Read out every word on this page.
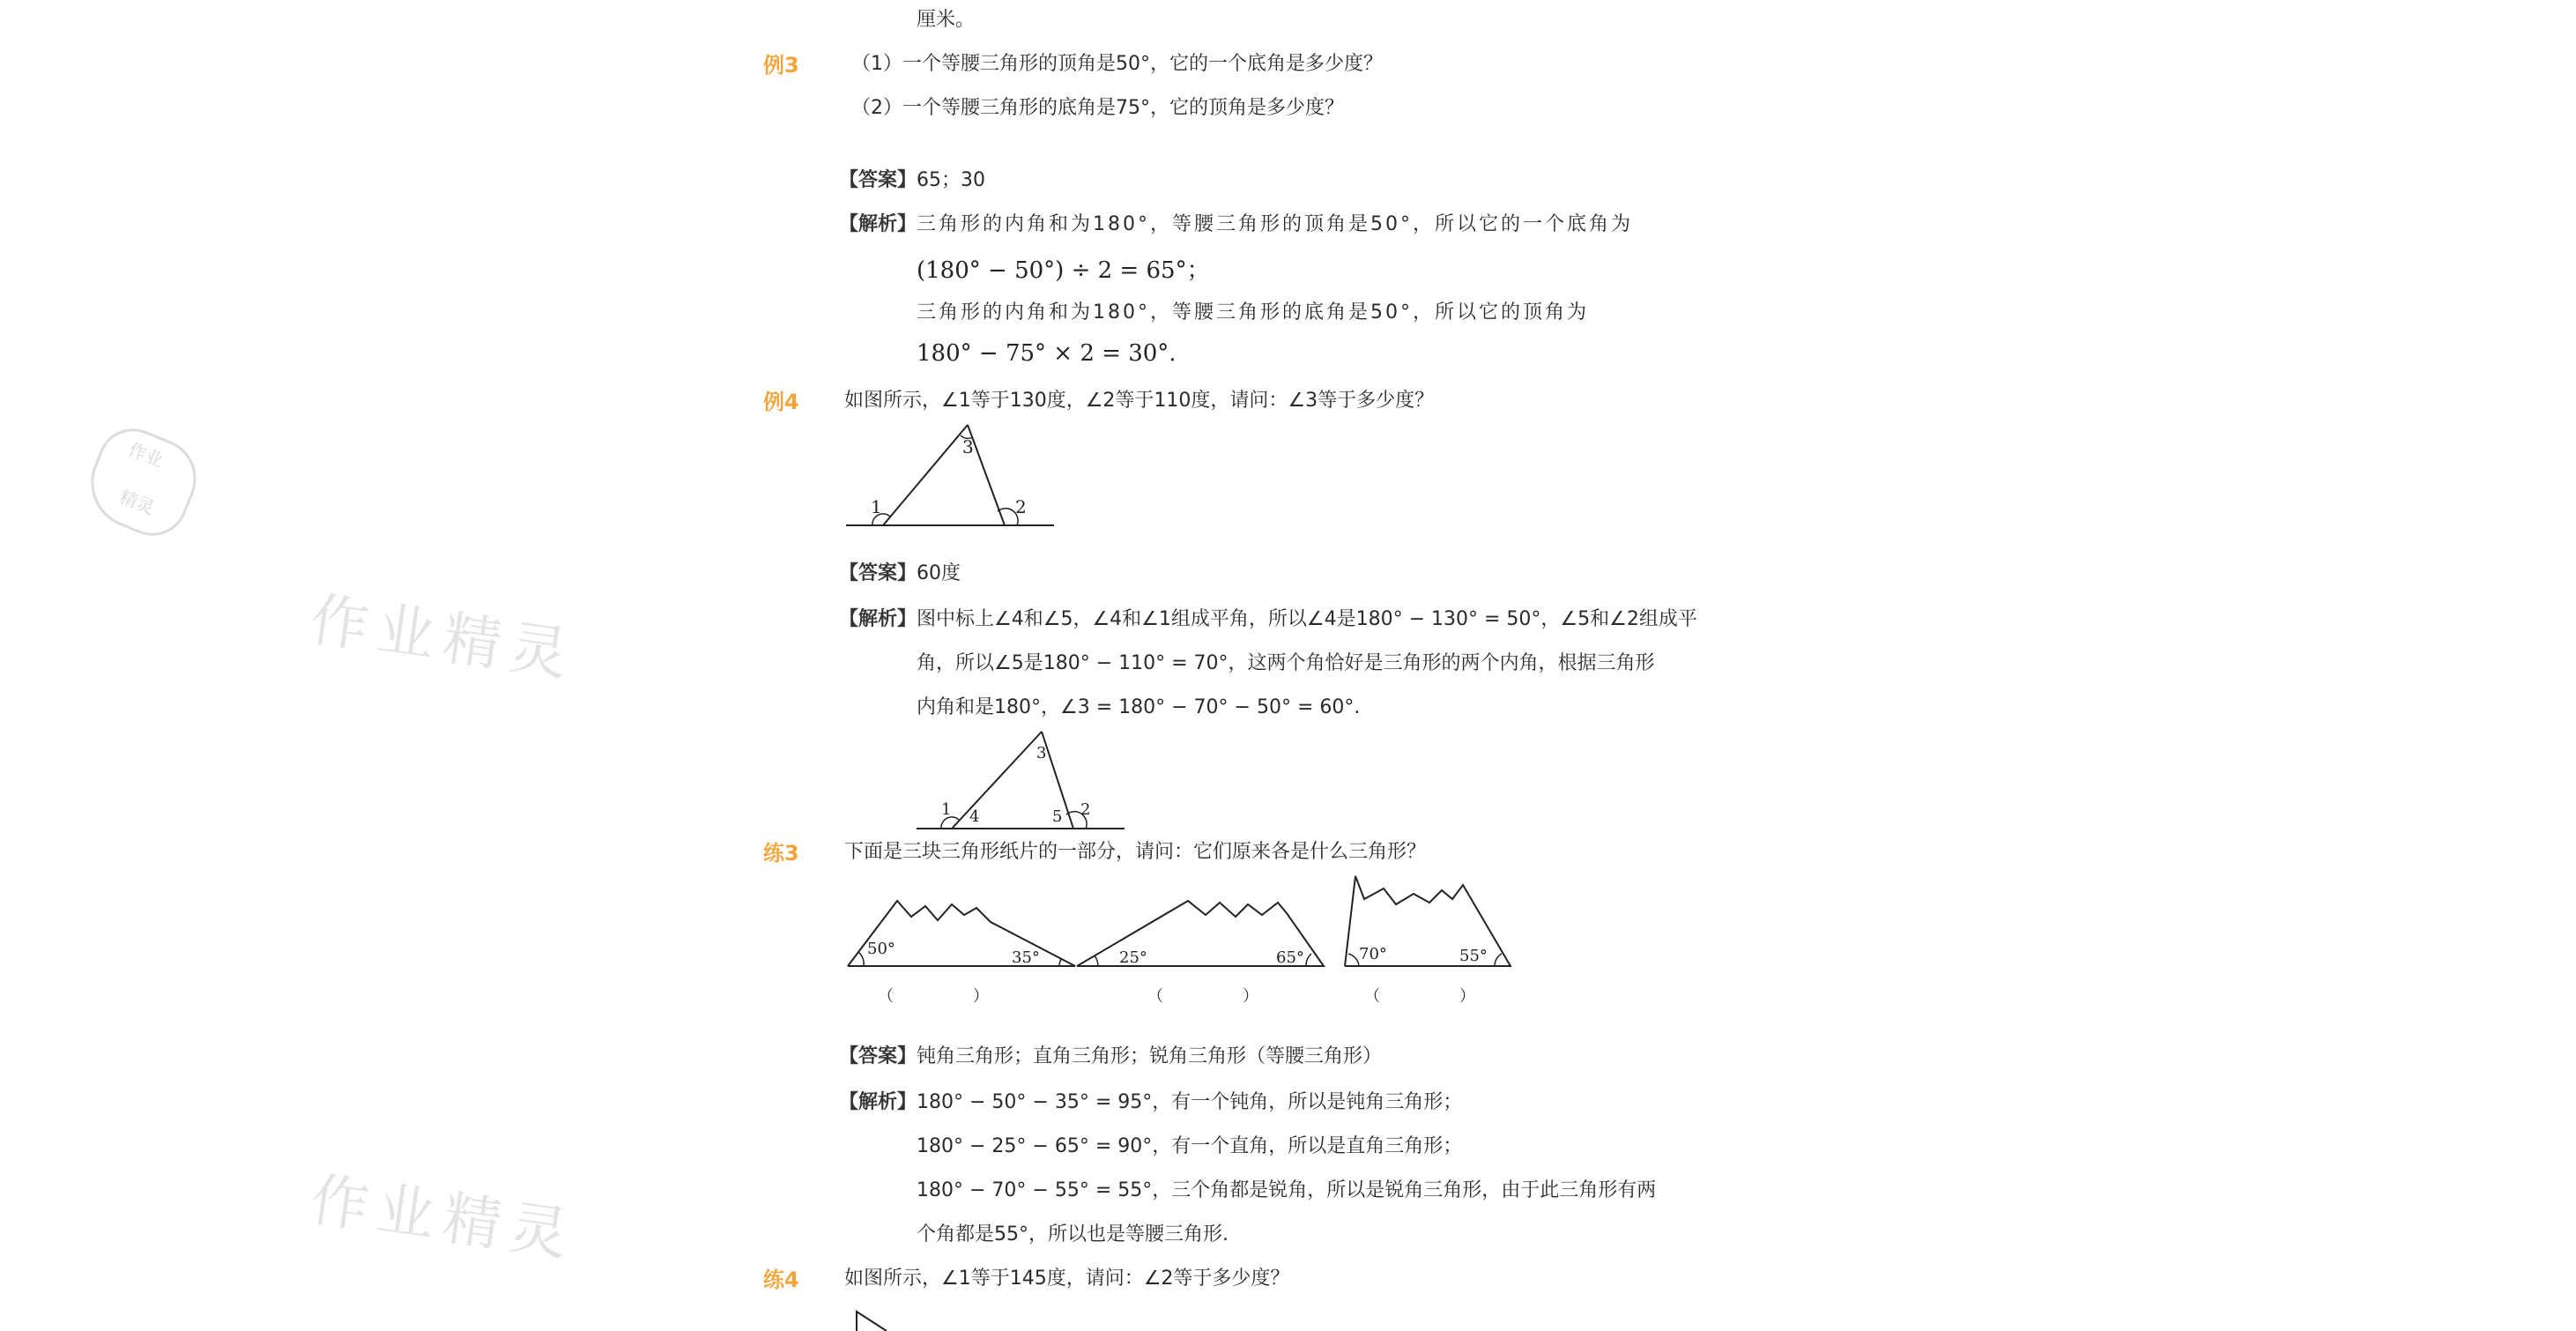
作业
精灵
作业精灵
作业精灵
厘米。
例3	（1）一个等腰三角形的顶角是50°，它的一个底角是多少度？
（2）一个等腰三角形的底角是75°，它的顶角是多少度？
【答案】 65；30
【解析】 三角形的内角和为180°，等腰三角形的顶角是50°，所以它的一个底角为
(180° − 50°) ÷ 2 = 65°；
三角形的内角和为180°，等腰三角形的底角是50°，所以它的顶角为
180° − 75° × 2 = 30°.
例4 如图所示，∠1等于130度，∠2等于110度，请问：∠3等于多少度？
1	2
3
【答案】 60度
【解析】 图中标上∠4和∠5，∠4和∠1组成平角，所以∠4是180° − 130° = 50°，∠5和∠2组成平
角，所以∠5是180° − 110° = 70°，这两个角恰好是三角形的两个内角，根据三角形
内角和是180°，∠3 = 180° − 70° − 50° = 60°.
1 4
3
5 2
练3 下面是三块三角形纸片的一部分，请问：它们原来各是什么三角形？
50°	35°	25°	65°	70°	55°
（　　　　　）	（　　　　　）	（　　　　　）
【答案】 钝角三角形；直角三角形；锐角三角形（等腰三角形）
【解析】 180° − 50° − 35° = 95°，有一个钝角，所以是钝角三角形；
180° − 25° − 65° = 90°，有一个直角，所以是直角三角形；
180° − 70° − 55° = 55°，三个角都是锐角，所以是锐角三角形，由于此三角形有两
个角都是55°，所以也是等腰三角形.
练4 如图所示，∠1等于145度，请问：∠2等于多少度？
